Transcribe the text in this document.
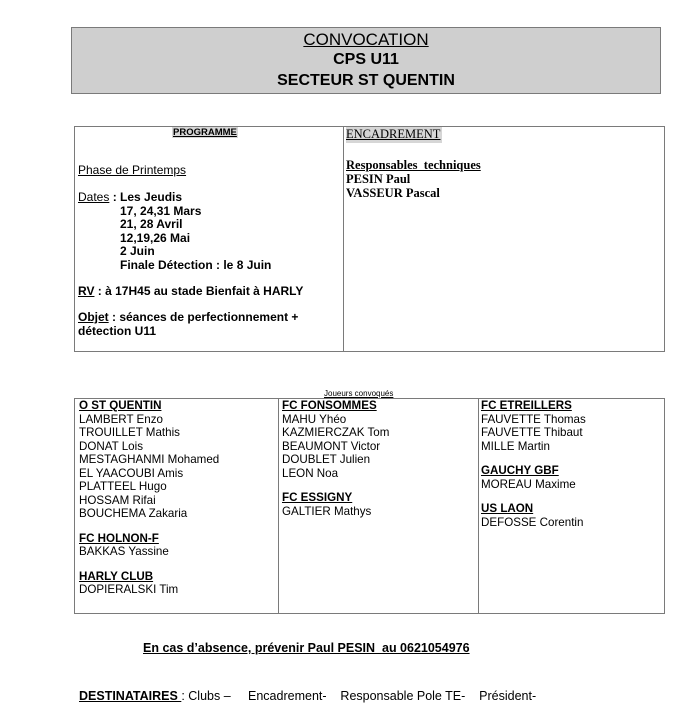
CONVOCATION
CPS U11
SECTEUR ST QUENTIN
PROGRAMME	ENCADREMENT
Phase de Printemps
Dates : Les Jeudis
17, 24,31 Mars
21, 28 Avril
12,19,26 Mai
2 Juin
Finale Détection : le 8 Juin
RV : à 17H45 au stade Bienfait à HARLY
Objet : séances de perfectionnement +
détection U11
Responsables  techniques
PESIN Paul
VASSEUR Pascal
Joueurs convoqués
O ST QUENTIN
LAMBERT Enzo
TROUILLET Mathis
DONAT Lois
MESTAGHANMI Mohamed
EL YAACOUBI Amis
PLATTEEL Hugo
HOSSAM Rifai
BOUCHEMA Zakaria
FC HOLNON-F
BAKKAS Yassine
HARLY CLUB
DOPIERALSKI Tim
FC FONSOMMES
MAHU Yhéo
KAZMIERCZAK Tom
BEAUMONT Victor
DOUBLET Julien
LEON Noa
FC ESSIGNY
GALTIER Mathys
FC ETREILLERS
FAUVETTE Thomas
FAUVETTE Thibaut
MILLE Martin
GAUCHY GBF
MOREAU Maxime
US LAON
DEFOSSE Corentin
En cas d’absence, prévenir Paul PESIN  au 0621054976
DESTINATAIRES : Clubs –     Encadrement-    Responsable Pole TE-    Président-
